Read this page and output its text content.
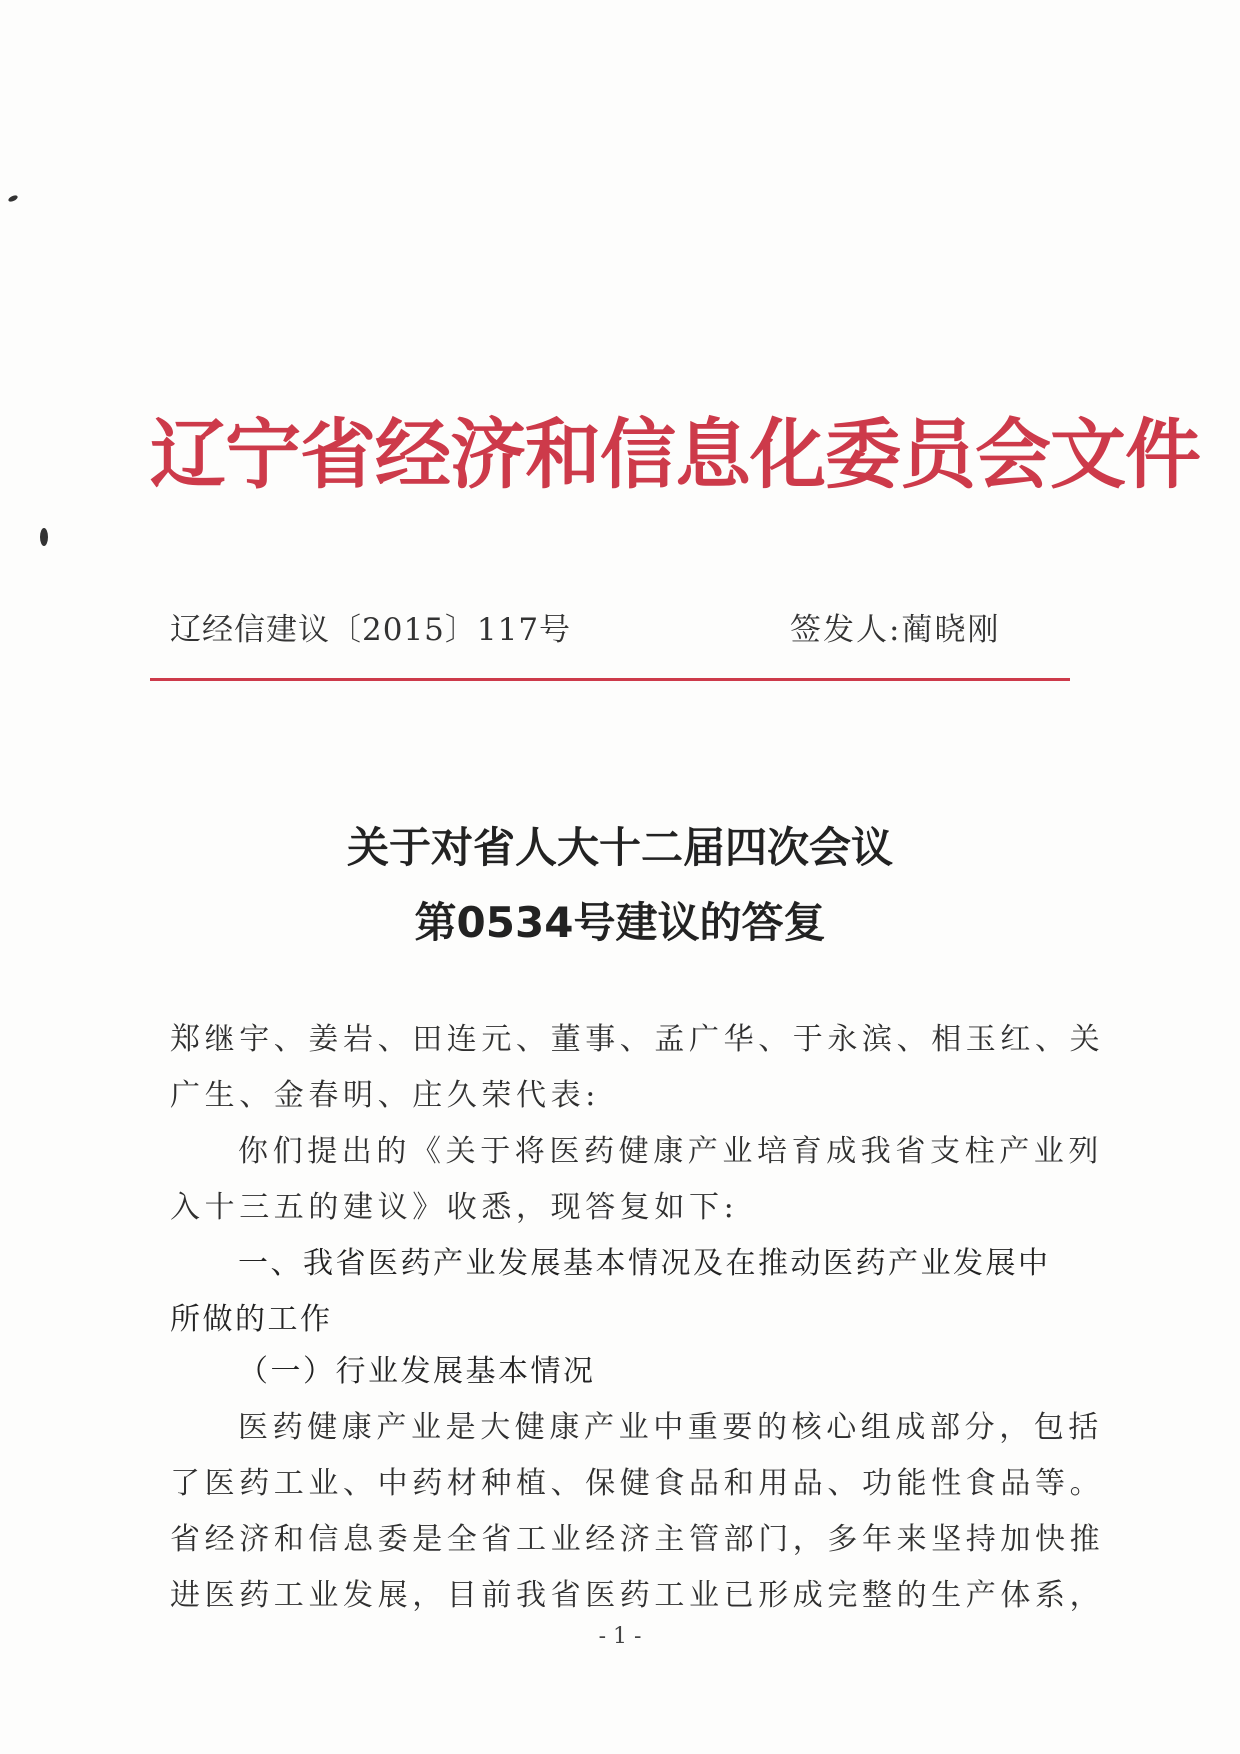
辽宁省经济和信息化委员会文件
辽经信建议〔2015〕117号	签发人:蔺晓刚
关于对省人大十二届四次会议
第0534号建议的答复
郑继宇、姜岩、田连元、董事、孟广华、于永滨、相玉红、关
广生、金春明、庄久荣代表:
你们提出的《关于将医药健康产业培育成我省支柱产业列
入十三五的建议》收悉，现答复如下:
一、我省医药产业发展基本情况及在推动医药产业发展中
所做的工作
（一）行业发展基本情况
医药健康产业是大健康产业中重要的核心组成部分，包括
了医药工业、中药材种植、保健食品和用品、功能性食品等。
省经济和信息委是全省工业经济主管部门，多年来坚持加快推
进医药工业发展，目前我省医药工业已形成完整的生产体系，
- 1 -
